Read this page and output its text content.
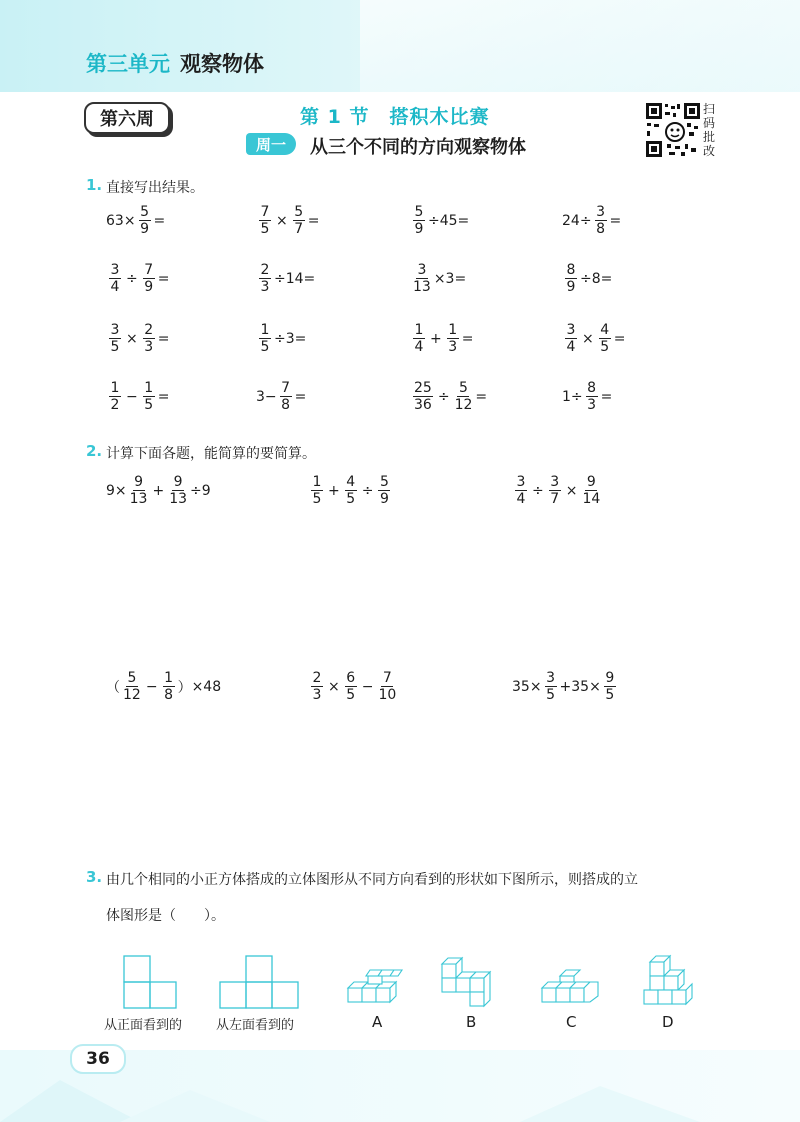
第三单元 观察物体
第六周	第 1 节　搭积木比赛
周一	从三个不同的方向观察物体
扫码批改
1. 直接写出结果。
$63\times \frac{5}{9}$ =	$\frac{7}{5} \times \frac{5}{7}$ =	$\frac{5}{9} \div 45=$	$24\div \frac{3}{8}$ =
$\frac{3}{4} \div \frac{7}{9}$ =	$\frac{2}{3} \div 14=$	$\frac{3}{13} \times 3=$	$\frac{8}{9} \div 8=$
$\frac{3}{5} \times \frac{2}{3}$ =	$\frac{1}{5} \div 3=$	$\frac{1}{4} + \frac{1}{3}$ =	$\frac{3}{4} \times \frac{4}{5}$ =
$\frac{1}{2} - \frac{1}{5}$ =	$3- \frac{7}{8}$ =	$\frac{25}{36} \div \frac{5}{12}$ =	$1\div \frac{8}{3}$ =
2. 计算下面各题，能简算的要简算。
$9\times \frac{9}{13} + \frac{9}{13} \div 9$	$\frac{1}{5} + \frac{4}{5} \div \frac{5}{9}$	$\frac{3}{4} \div \frac{3}{7} \times \frac{9}{14}$
（ $\frac{5}{12} - \frac{1}{8}$ ） ×48	$\frac{2}{3} \times \frac{6}{5} - \frac{7}{10}$	$35\times \frac{3}{5} +35\times \frac{9}{5}$
3. 由几个相同的小正方体搭成的立体图形从不同方向看到的形状如下图所示，则搭成的立
体图形是（　　）。
从正面看到的	从左面看到的	A	B	C	D
36
